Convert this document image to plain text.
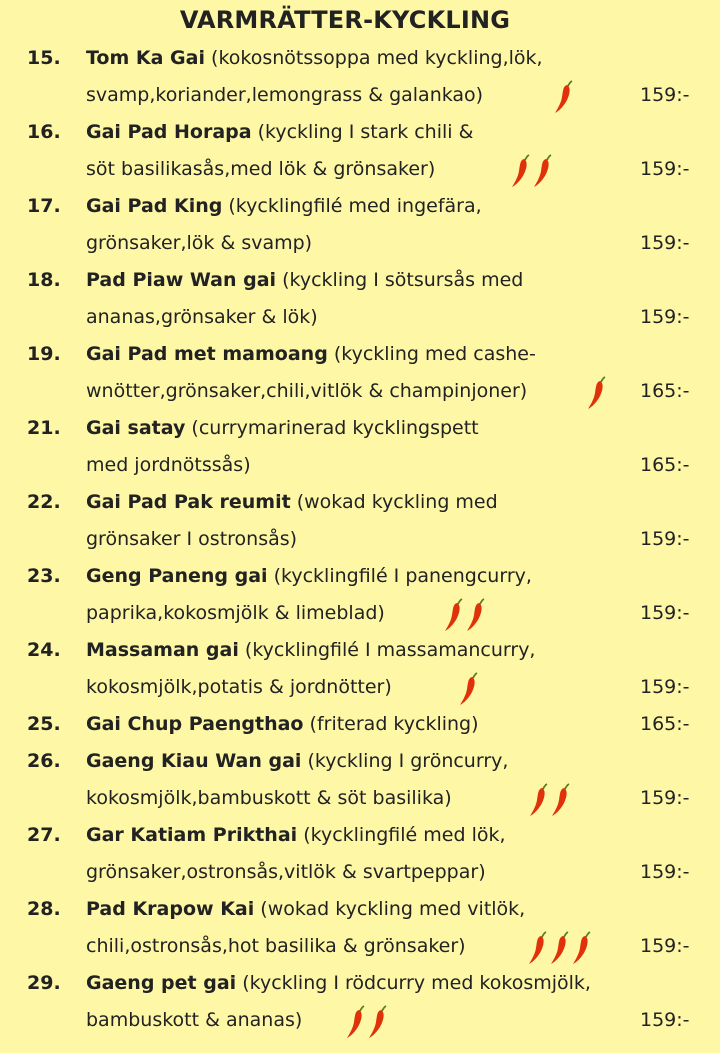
VARMRÄTTER-KYCKLING
15. Tom Ka Gai (kokosnötssoppa med kyckling,lök,
svamp,koriander,lemongrass & galankao)	159:-
16. Gai Pad Horapa (kyckling I stark chili &
söt basilikasås,med lök & grönsaker)	159:-
17. Gai Pad King (kycklingfilé med ingefära,
grönsaker,lök & svamp)	159:-
18. Pad Piaw Wan gai (kyckling I sötsursås med
ananas,grönsaker & lök)	159:-
19. Gai Pad met mamoang (kyckling med cashe-
wnötter,grönsaker,chili,vitlök & champinjoner)	165:-
21. Gai satay (currymarinerad kycklingspett
med jordnötssås)	165:-
22. Gai Pad Pak reumit (wokad kyckling med
grönsaker I ostronsås)	159:-
23. Geng Paneng gai (kycklingfilé I panengcurry,
paprika,kokosmjölk & limeblad)	159:-
24. Massaman gai (kycklingfilé I massamancurry,
kokosmjölk,potatis & jordnötter)	159:-
25. Gai Chup Paengthao (friterad kyckling)	165:-
26. Gaeng Kiau Wan gai (kyckling I gröncurry,
kokosmjölk,bambuskott & söt basilika)	159:-
27. Gar Katiam Prikthai (kycklingfilé med lök,
grönsaker,ostronsås,vitlök & svartpeppar)	159:-
28. Pad Krapow Kai (wokad kyckling med vitlök,
chili,ostronsås,hot basilika & grönsaker)	159:-
29. Gaeng pet gai (kyckling I rödcurry med kokosmjölk,
bambuskott & ananas)	159:-
